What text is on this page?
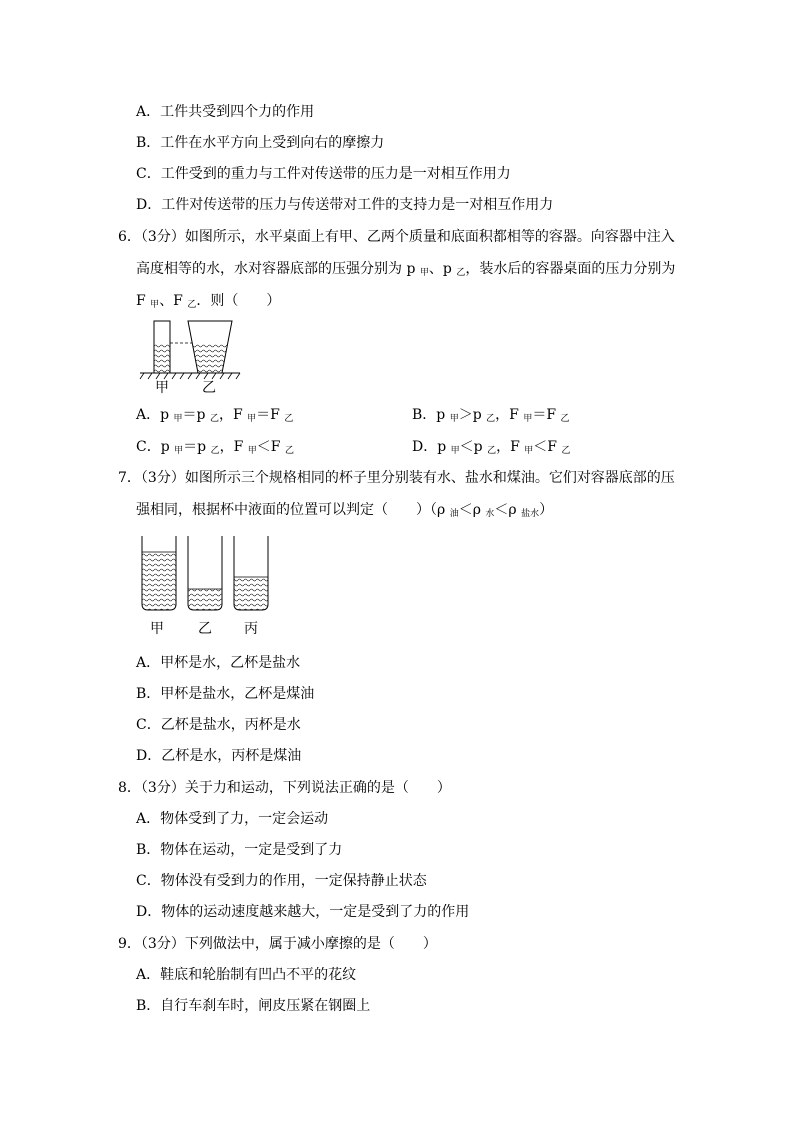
A．工件共受到四个力的作用
B．工件在水平方向上受到向右的摩擦力
C．工件受到的重力与工件对传送带的压力是一对相互作用力
D．工件对传送带的压力与传送带对工件的支持力是一对相互作用力
6．（3分）如图所示，水平桌面上有甲、乙两个质量和底面积都相等的容器。向容器中注入
高度相等的水，水对容器底部的压强分别为 p $_甲$、p $_乙$，装水后的容器桌面的压力分别为
F $_甲$、F $_乙$．则（　　）
甲 乙
A．p $_甲$＝p $_乙$，F $_甲$＝F $_乙$	B．p $_甲$＞p $_乙$，F $_甲$＝F $_乙$
C．p $_甲$＝p $_乙$，F $_甲$＜F $_乙$	D．p $_甲$＜p $_乙$，F $_甲$＜F $_乙$
7．（3分）如图所示三个规格相同的杯子里分别装有水、盐水和煤油。它们对容器底部的压
强相同，根据杯中液面的位置可以判定（　　）（ρ $_油$＜ρ $_水$＜ρ $_{盐水}$）
甲 乙 丙
A．甲杯是水，乙杯是盐水
B．甲杯是盐水，乙杯是煤油
C．乙杯是盐水，丙杯是水
D．乙杯是水，丙杯是煤油
8．（3分）关于力和运动，下列说法正确的是（　　）
A．物体受到了力，一定会运动
B．物体在运动，一定是受到了力
C．物体没有受到力的作用，一定保持静止状态
D．物体的运动速度越来越大，一定是受到了力的作用
9．（3分）下列做法中，属于减小摩擦的是（　　）
A．鞋底和轮胎制有凹凸不平的花纹
B．自行车刹车时，闸皮压紧在钢圈上
